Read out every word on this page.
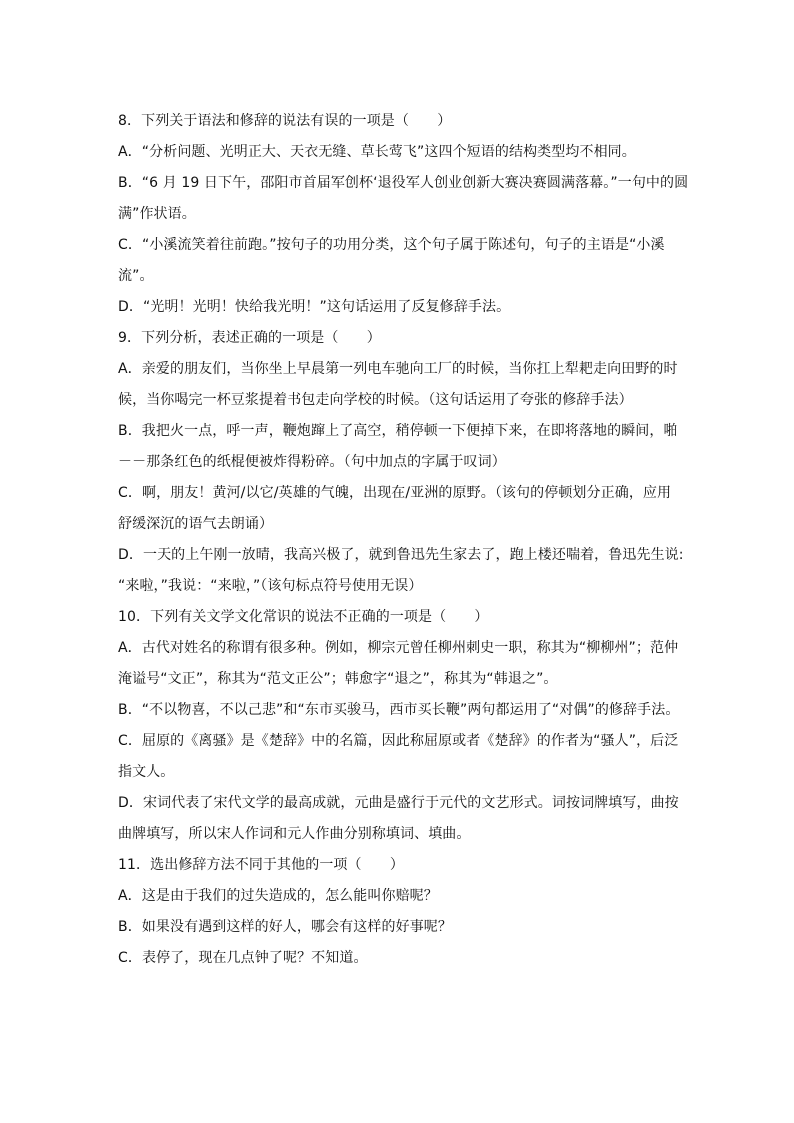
8．下列关于语法和修辞的说法有误的一项是（　　）
A．“分析问题、光明正大、天衣无缝、草长莺飞”这四个短语的结构类型均不相同。
B．“6 月 19 日下午，邵阳市首届军创杯‘退役军人创业创新大赛决赛圆满落幕。”一句中的圆
满”作状语。
C．“小溪流笑着往前跑。”按句子的功用分类，这个句子属于陈述句，句子的主语是“小溪
流”。
D．“光明！光明！快给我光明！”这句话运用了反复修辞手法。
9．下列分析，表述正确的一项是（　　）
A．亲爱的朋友们，当你坐上早晨第一列电车驰向工厂的时候，当你扛上犁耙走向田野的时
候，当你喝完一杯豆浆提着书包走向学校的时候。（这句话运用了夸张的修辞手法）
B．我把火一点，呼一声，鞭炮蹿上了高空，稍停顿一下便掉下来，在即将落地的瞬间，啪
－－那条红色的纸棍便被炸得粉碎。（句中加点的字属于叹词）
C．啊，朋友！黄河/以它/英雄的气魄，出现在/亚洲的原野。（该句的停顿划分正确，应用
舒缓深沉的语气去朗诵）
D．一天的上午刚一放晴，我高兴极了，就到鲁迅先生家去了，跑上楼还喘着，鲁迅先生说:
“来啦，”我说：“来啦，”（该句标点符号使用无误）
10．下列有关文学文化常识的说法不正确的一项是（　　）
A．古代对姓名的称谓有很多种。例如，柳宗元曾任柳州刺史一职，称其为“柳柳州”；范仲
淹谥号“文正”，称其为“范文正公”；韩愈字“退之”，称其为“韩退之”。
B．“不以物喜，不以己悲”和“东市买骏马，西市买长鞭”两句都运用了“对偶”的修辞手法。
C．屈原的《离骚》是《楚辞》中的名篇，因此称屈原或者《楚辞》的作者为“骚人”，后泛
指文人。
D．宋词代表了宋代文学的最高成就，元曲是盛行于元代的文艺形式。词按词牌填写，曲按
曲牌填写，所以宋人作词和元人作曲分别称填词、填曲。
11．选出修辞方法不同于其他的一项（　　）
A．这是由于我们的过失造成的，怎么能叫你赔呢？
B．如果没有遇到这样的好人，哪会有这样的好事呢？
C．表停了，现在几点钟了呢？不知道。
